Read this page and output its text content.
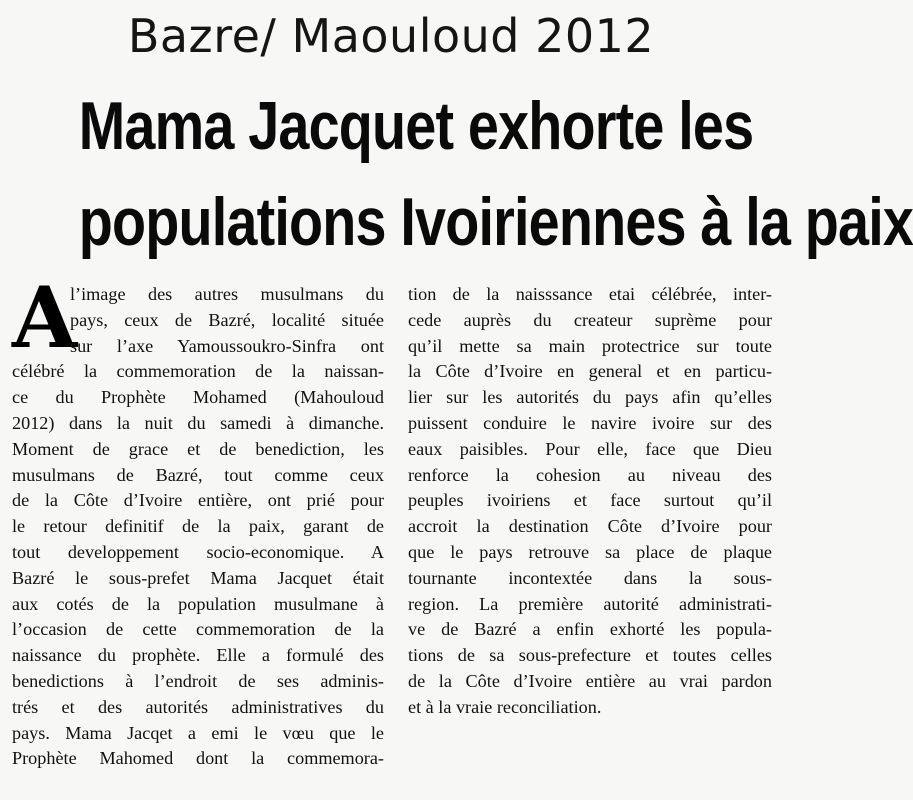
Bazre/ Maouloud 2012
Mama Jacquet exhorte les
populations Ivoiriennes à la paix
A
l’image des autres musulmans du
pays, ceux de Bazré, localité située
sur l’axe Yamoussoukro-Sinfra ont
célébré la commemoration de la naissan-
ce du Prophète Mohamed (Mahouloud
2012) dans la nuit du samedi à dimanche.
Moment de grace et de benediction, les
musulmans de Bazré, tout comme ceux
de la Côte d’Ivoire entière, ont prié pour
le retour definitif de la paix, garant de
tout developpement socio-economique. A
Bazré le sous-prefet Mama Jacquet était
aux cotés de la population musulmane à
l’occasion de cette commemoration de la
naissance du prophète. Elle a formulé des
benedictions à l’endroit de ses adminis-
trés et des autorités administratives du
pays. Mama Jacqet a emi le vœu que le
Prophète Mahomed dont la commemora-
tion de la naisssance etai célébrée, inter-
cede auprès du createur suprème pour
qu’il mette sa main protectrice sur toute
la Côte d’Ivoire en general et en particu-
lier sur les autorités du pays afin qu’elles
puissent conduire le navire ivoire sur des
eaux paisibles. Pour elle, face que Dieu
renforce la cohesion au niveau des
peuples ivoiriens et face surtout qu’il
accroit la destination Côte d’Ivoire pour
que le pays retrouve sa place de plaque
tournante incontextée dans la sous-
region. La première autorité administrati-
ve de Bazré a enfin exhorté les popula-
tions de sa sous-prefecture et toutes celles
de la Côte d’Ivoire entière au vrai pardon
et à la vraie reconciliation.
